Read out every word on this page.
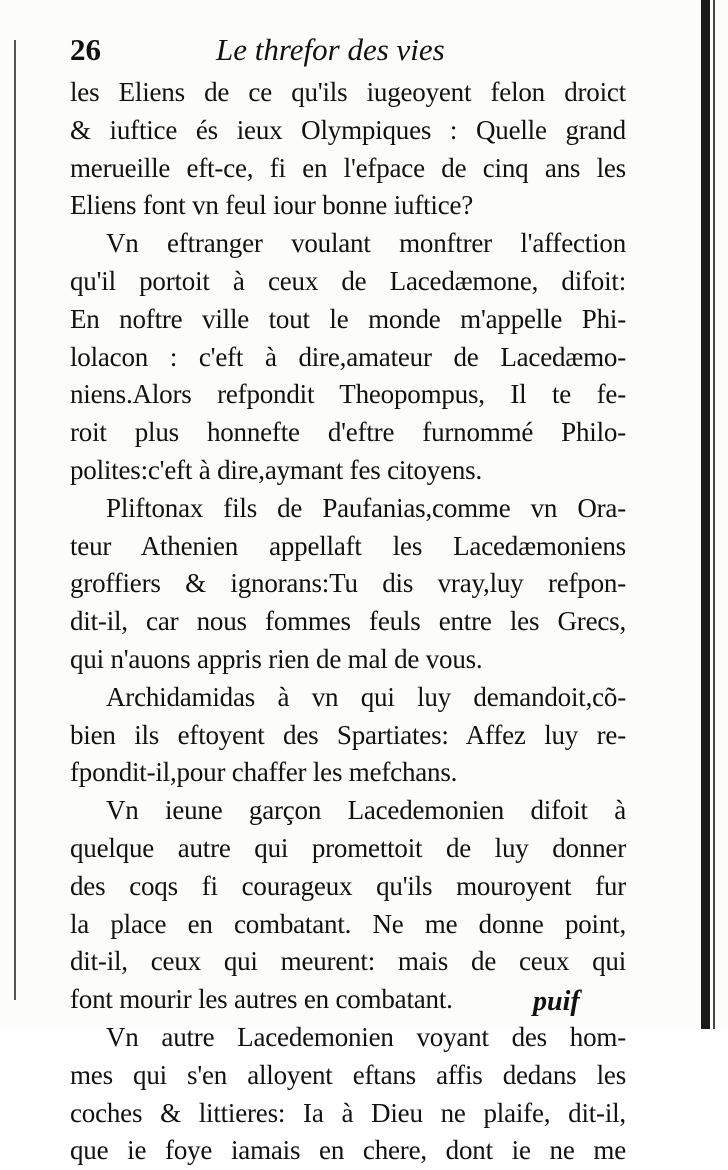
26	Le threfor des vies
les Eliens de ce qu'ils iugeoyent felon droict
& iuftice és ieux Olympiques : Quelle grand
merueille eft-ce, fi en l'efpace de cinq ans les
Eliens font vn feul iour bonne iuftice?
Vn eftranger voulant monftrer l'affection
qu'il portoit à ceux de Lacedæmone, difoit:
En noftre ville tout le monde m'appelle Phi-
lolacon : c'eft à dire,amateur de Lacedæmo-
niens.Alors refpondit Theopompus, Il te fe-
roit plus honnefte d'eftre furnommé Philo-
polites:c'eft à dire,aymant fes citoyens.
Pliftonax fils de Paufanias,comme vn Ora-
teur Athenien appellaft les Lacedæmoniens
groffiers & ignorans:Tu dis vray,luy refpon-
dit-il, car nous fommes feuls entre les Grecs,
qui n'auons appris rien de mal de vous.
Archidamidas à vn qui luy demandoit,cõ-
bien ils eftoyent des Spartiates: Affez luy re-
fpondit-il,pour chaffer les mefchans.
Vn ieune garçon Lacedemonien difoit à
quelque autre qui promettoit de luy donner
des coqs fi courageux qu'ils mouroyent fur
la place en combatant. Ne me donne point,
dit-il, ceux qui meurent: mais de ceux qui
font mourir les autres en combatant.
Vn autre Lacedemonien voyant des hom-
mes qui s'en alloyent eftans affis dedans les
coches & littieres: Ia à Dieu ne plaife, dit-il,
que ie foye iamais en chere, dont ie ne me
puif
